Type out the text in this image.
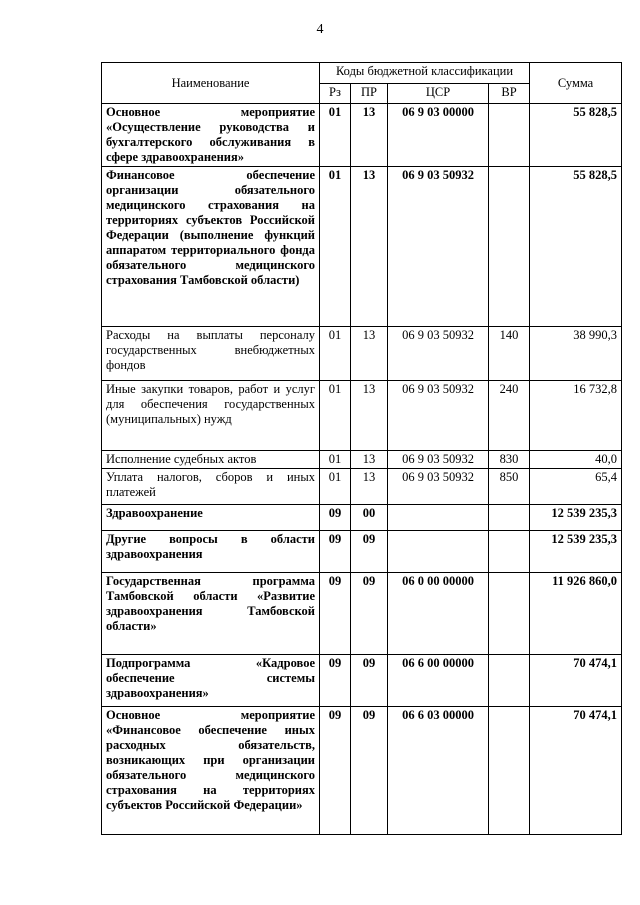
4
Наименование	Коды бюджетной классификации				Сумма
	Рз	ПР	ЦСР	ВР	
Основное мероприятие «Осуществление руководства и бухгалтерского обслуживания в сфере здравоохранения»	01	13	06 9 03 00000		55 828,5
Финансовое обеспечение организации обязательного медицинского страхования на территориях субъектов Российской Федерации (выполнение функций аппаратом территориального фонда обязательного медицинского страхования Тамбовской области)	01	13	06 9 03 50932		55 828,5
Расходы на выплаты персоналу государственных внебюджетных фондов	01	13	06 9 03 50932	140	38 990,3
Иные закупки товаров, работ и услуг для обеспечения государственных (муниципальных) нужд	01	13	06 9 03 50932	240	16 732,8
Исполнение судебных актов	01	13	06 9 03 50932	830	40,0
Уплата налогов, сборов и иных платежей	01	13	06 9 03 50932	850	65,4
Здравоохранение	09	00			12 539 235,3
Другие вопросы в области здравоохранения	09	09			12 539 235,3
Государственная программа Тамбовской области «Развитие здравоохранения Тамбовской области»	09	09	06 0 00 00000		11 926 860,0
Подпрограмма «Кадровое обеспечение системы здравоохранения»	09	09	06 6 00 00000		70 474,1
Основное мероприятие «Финансовое обеспечение иных расходных обязательств, возникающих при организации обязательного медицинского страхования на территориях субъектов Российской Федерации»	09	09	06 6 03 00000		70 474,1
